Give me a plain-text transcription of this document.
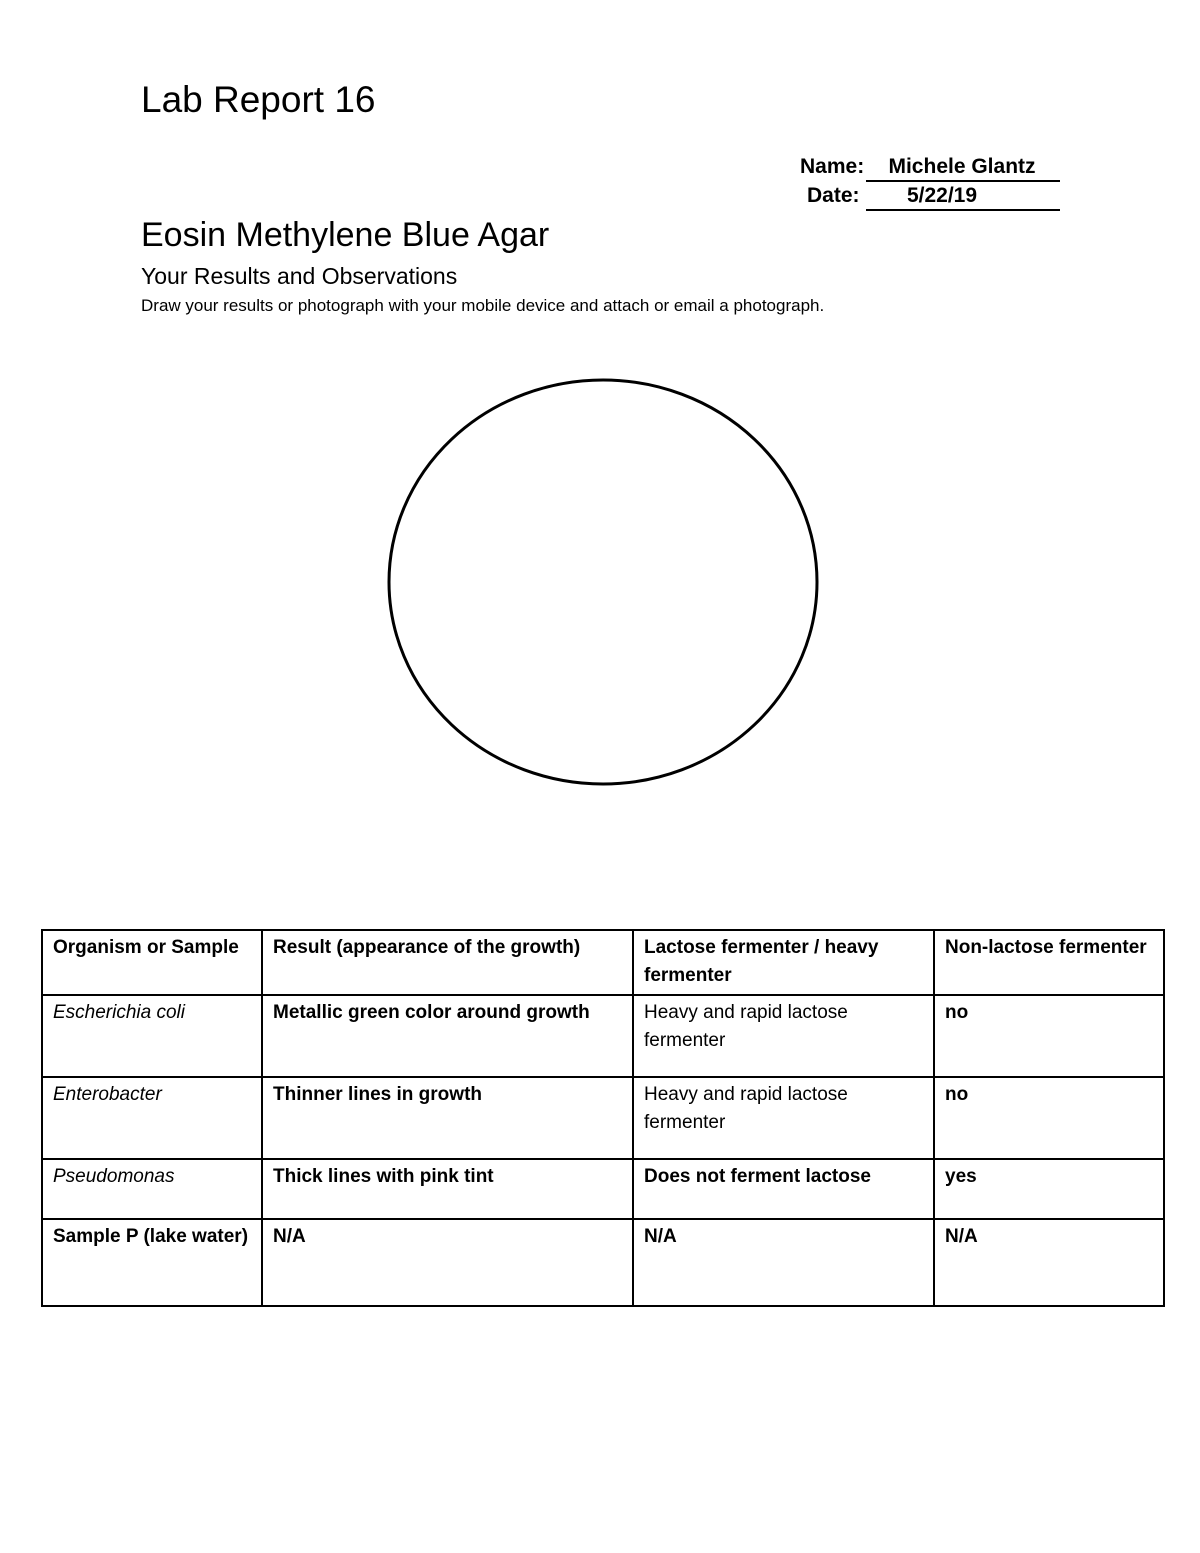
Lab Report 16
Name: Michele Glantz
Date: 5/22/19
Eosin Methylene Blue Agar
Your Results and Observations
Draw your results or photograph with your mobile device and attach or email a photograph.
Organism or Sample	Result (appearance of the growth)	Lactose fermenter / heavy fermenter	Non-lactose fermenter
Escherichia coli	Metallic green color around growth	Heavy and rapid lactose fermenter	no
Enterobacter	Thinner lines in growth	Heavy and rapid lactose fermenter	no
Pseudomonas	Thick lines with pink tint	Does not ferment lactose	yes
Sample P (lake water)	N/A	N/A	N/A
